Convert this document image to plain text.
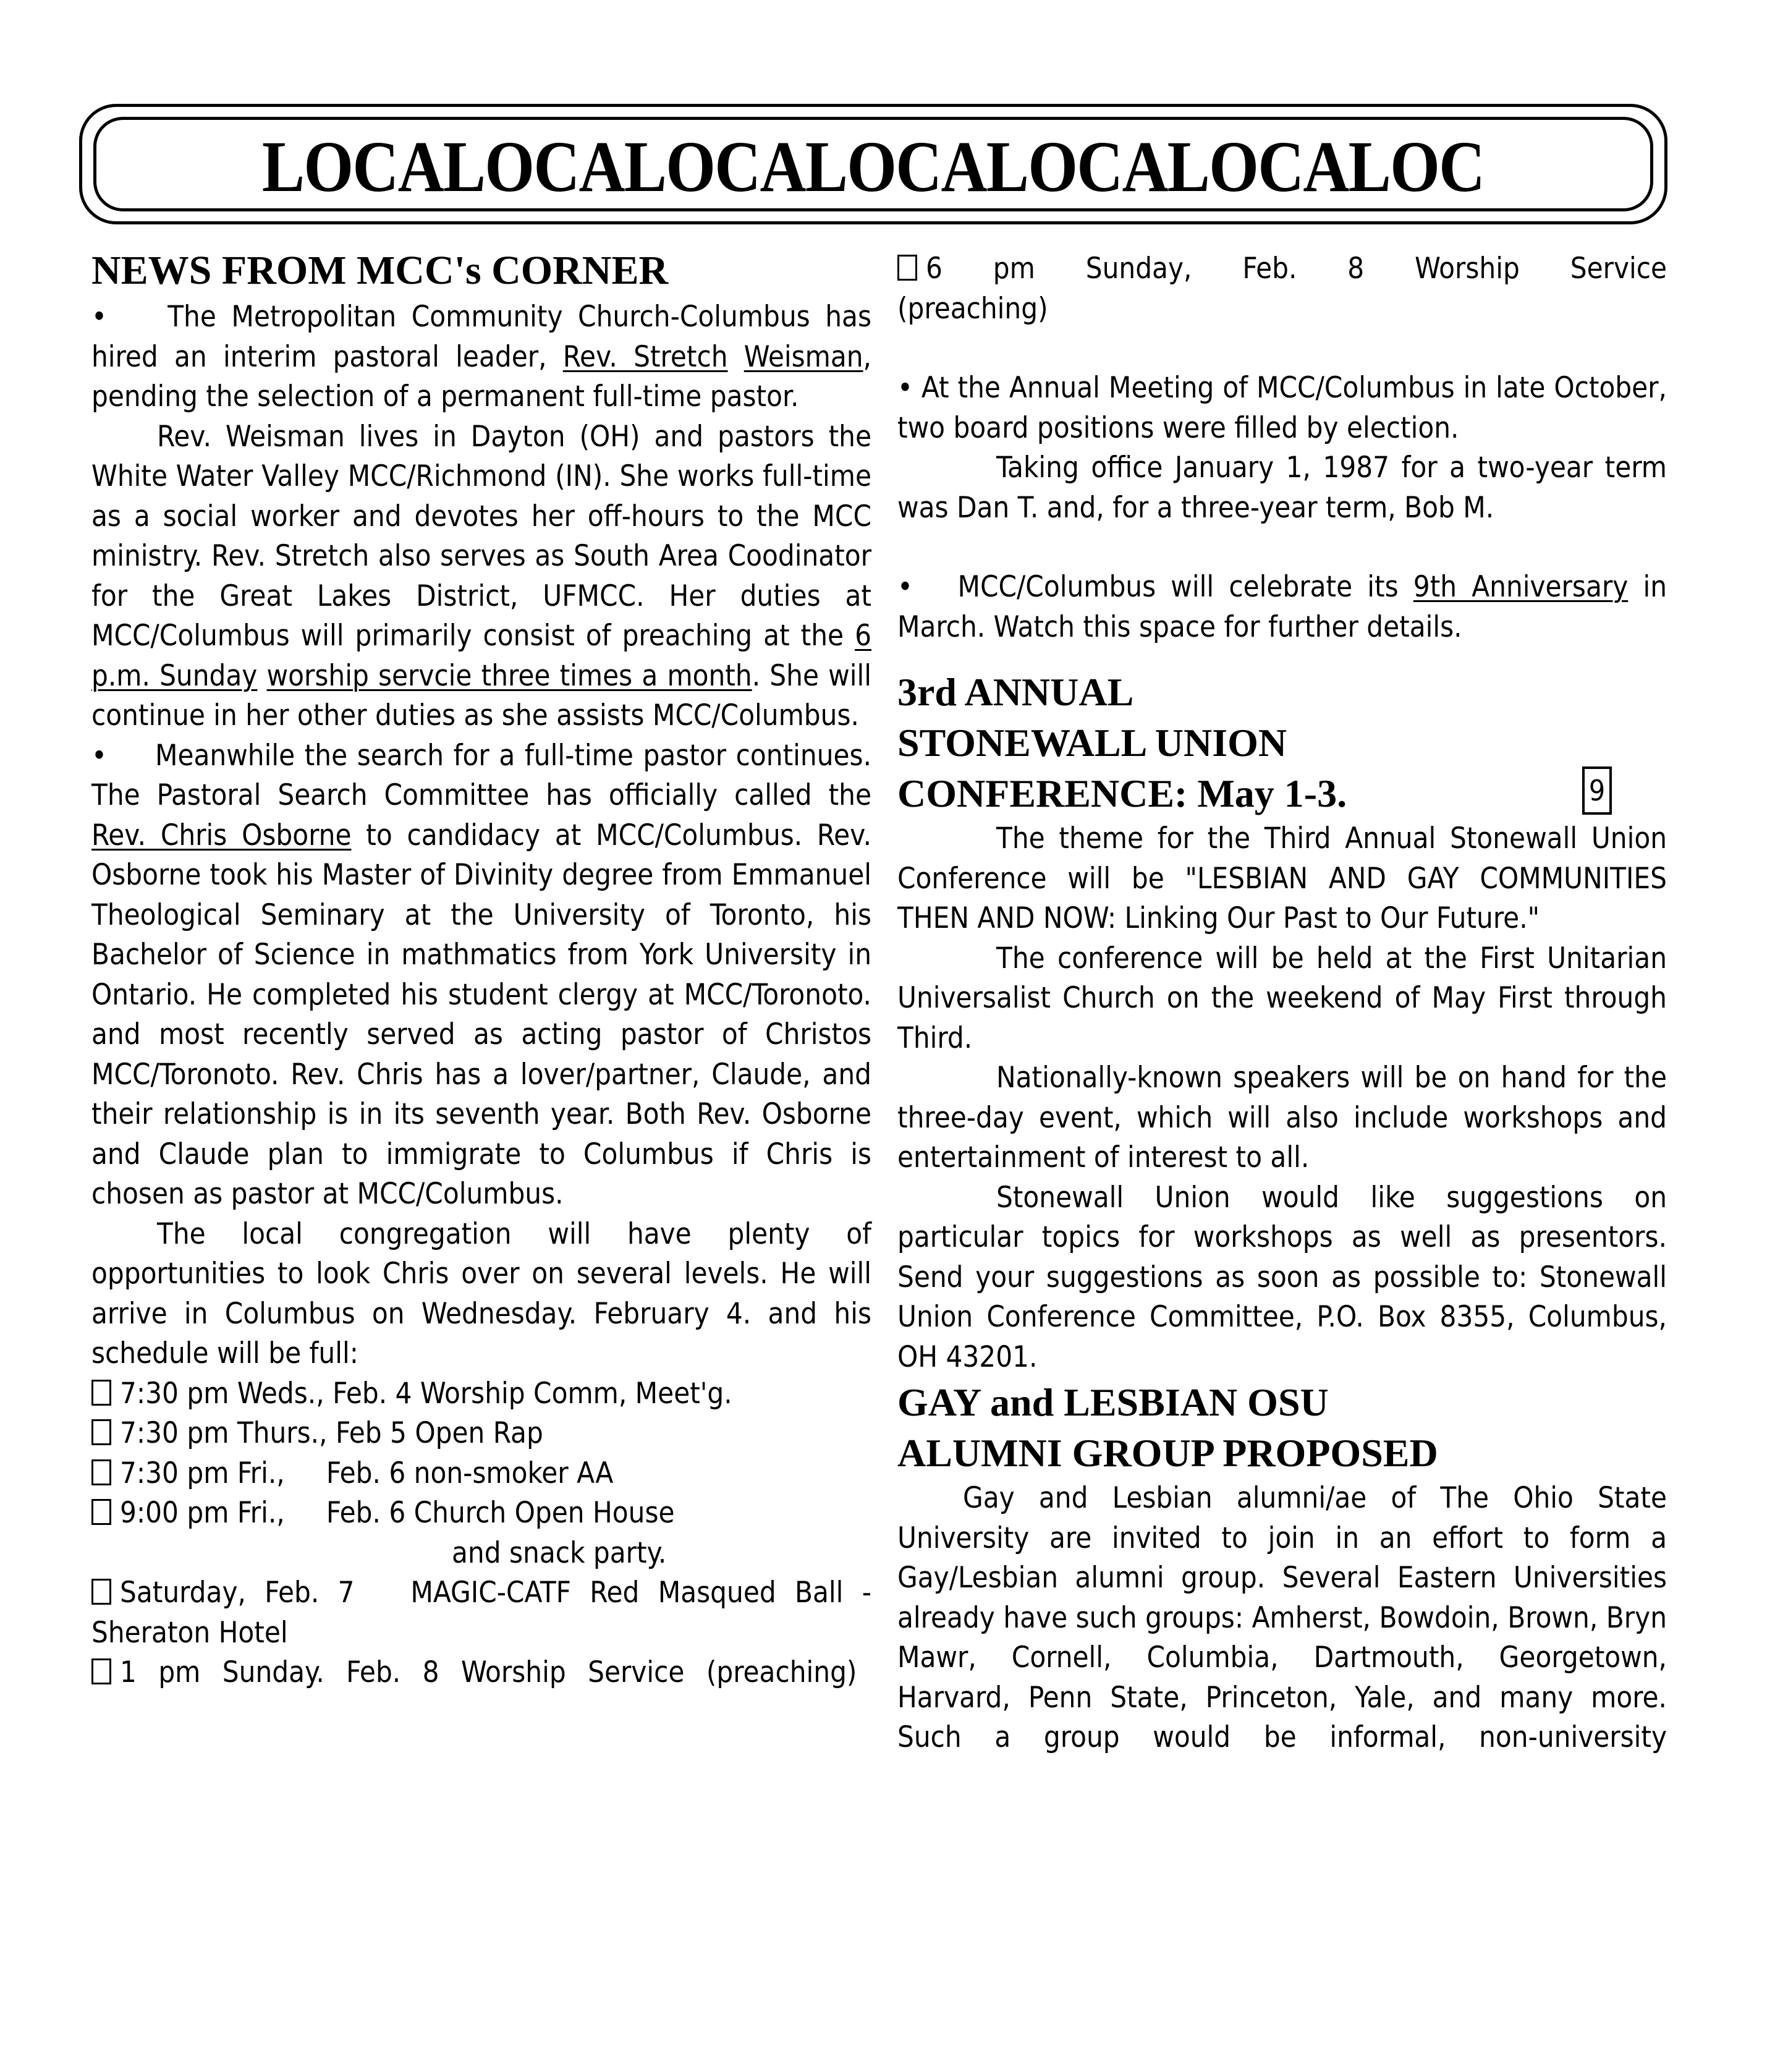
LOCALOCALOCALOCALOCALOCALOC
NEWS FROM MCC's CORNER

• The Metropolitan Community Church-Columbus has hired an interim pastoral leader, Rev. Stretch Weisman, pending the selection of a permanent full-time pastor.

Rev. Weisman lives in Dayton (OH) and pastors the White Water Valley MCC/Richmond (IN). She works full-time as a social worker and devotes her off-hours to the MCC ministry. Rev. Stretch also serves as South Area Coodinator for the Great Lakes District, UFMCC. Her duties at MCC/Columbus will primarily consist of preaching at the 6 p.m. Sunday worship servcie three times a month. She will continue in her other duties as she assists MCC/Columbus.

• Meanwhile the search for a full-time pastor continues. The Pastoral Search Committee has officially called the Rev. Chris Osborne to candidacy at MCC/Columbus. Rev. Osborne took his Master of Divinity degree from Emmanuel Theological Seminary at the University of Toronto, his Bachelor of Science in mathmatics from York University in Ontario. He completed his student clergy at MCC/Toronoto. and most recently served as acting pastor of Christos MCC/Toronoto. Rev. Chris has a lover/partner, Claude, and their relationship is in its seventh year. Both Rev. Osborne and Claude plan to immigrate to Columbus if Chris is chosen as pastor at MCC/Columbus.

The local congregation will have plenty of opportunities to look Chris over on several levels. He will arrive in Columbus on Wednesday. February 4. and his schedule will be full:

7:30 pm Weds., Feb. 4 Worship Comm, Meet'g.
7:30 pm Thurs., Feb 5 Open Rap
7:30 pm Fri.,     Feb. 6 non-smoker AA
9:00 pm Fri.,     Feb. 6 Church Open House
and snack party.

Saturday, Feb. 7   MAGIC-CATF Red Masqued Ball -  Sheraton Hotel

1 pm Sunday. Feb. 8 Worship Service (preaching)

6 pm Sunday, Feb. 8 Worship Service (preaching)

• At the Annual Meeting of MCC/Columbus in late October, two board positions were filled by election.

Taking office January 1, 1987 for a two-year term was Dan T. and, for a three-year term, Bob M.

• MCC/Columbus will celebrate its 9th Anniversary in March. Watch this space for further details.

3rd ANNUAL
STONEWALL UNION
CONFERENCE: May 1-3.

The theme for the Third Annual Stonewall Union Conference will be "LESBIAN AND GAY COMMUNITIES THEN AND NOW: Linking Our Past to Our Future."

The conference will be held at the First Unitarian Universalist Church on the weekend of May First through Third.

Nationally-known speakers will be on hand for the three-day event, which will also include workshops and entertainment of interest to all.

Stonewall Union would like suggestions on particular topics for workshops as well as presentors. Send your suggestions as soon as possible to: Stonewall Union Conference Committee, P.O. Box 8355, Columbus, OH 43201.

GAY and LESBIAN OSU
ALUMNI GROUP PROPOSED

Gay and Lesbian alumni/ae of The Ohio State University are invited to join in an effort to form a Gay/Lesbian alumni group. Several Eastern Universities already have such groups: Amherst, Bowdoin, Brown, Bryn Mawr, Cornell, Columbia, Dartmouth, Georgetown, Harvard, Penn State, Princeton, Yale, and many more. Such a group would be informal, non-university

9
